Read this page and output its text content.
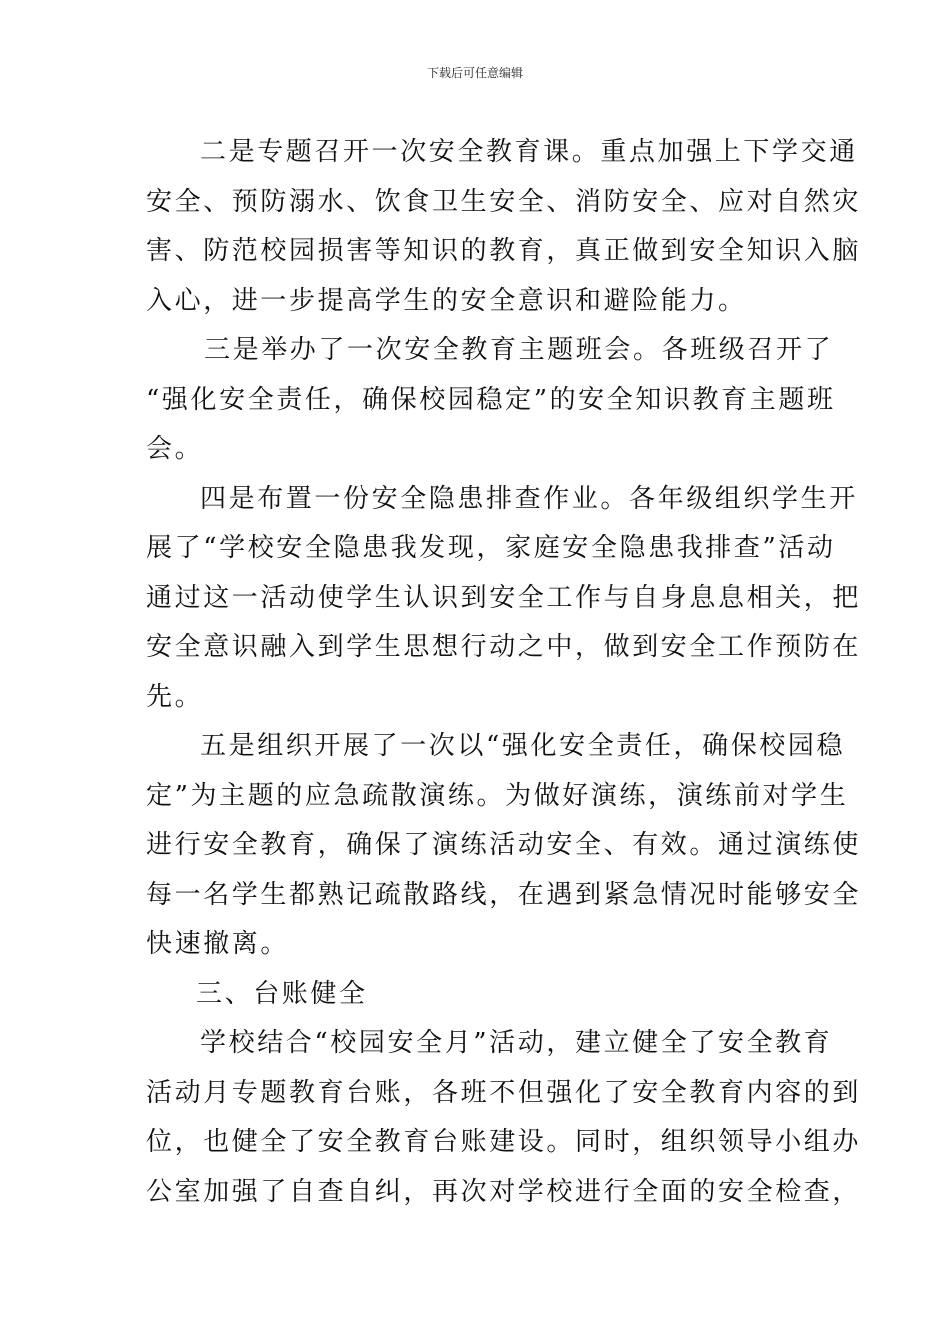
下载后可任意编辑
二是专题召开一次安全教育课。重点加强上下学交通
安全、预防溺水、饮食卫生安全、消防安全、应对自然灾
害、防范校园损害等知识的教育，真正做到安全知识入脑
入心，进一步提高学生的安全意识和避险能力。
三是举办了一次安全教育主题班会。各班级召开了
“强化安全责任，确保校园稳定”的安全知识教育主题班
会。
四是布置一份安全隐患排查作业。各年级组织学生开
展了“学校安全隐患我发现，家庭安全隐患我排查”活动
通过这一活动使学生认识到安全工作与自身息息相关，把
安全意识融入到学生思想行动之中，做到安全工作预防在
先。
五是组织开展了一次以“强化安全责任，确保校园稳
定”为主题的应急疏散演练。为做好演练，演练前对学生
进行安全教育，确保了演练活动安全、有效。通过演练使
每一名学生都熟记疏散路线，在遇到紧急情况时能够安全
快速撤离。
三、台账健全
学校结合“校园安全月”活动，建立健全了安全教育
活动月专题教育台账，各班不但强化了安全教育内容的到
位，也健全了安全教育台账建设。同时，组织领导小组办
公室加强了自查自纠，再次对学校进行全面的安全检查，
